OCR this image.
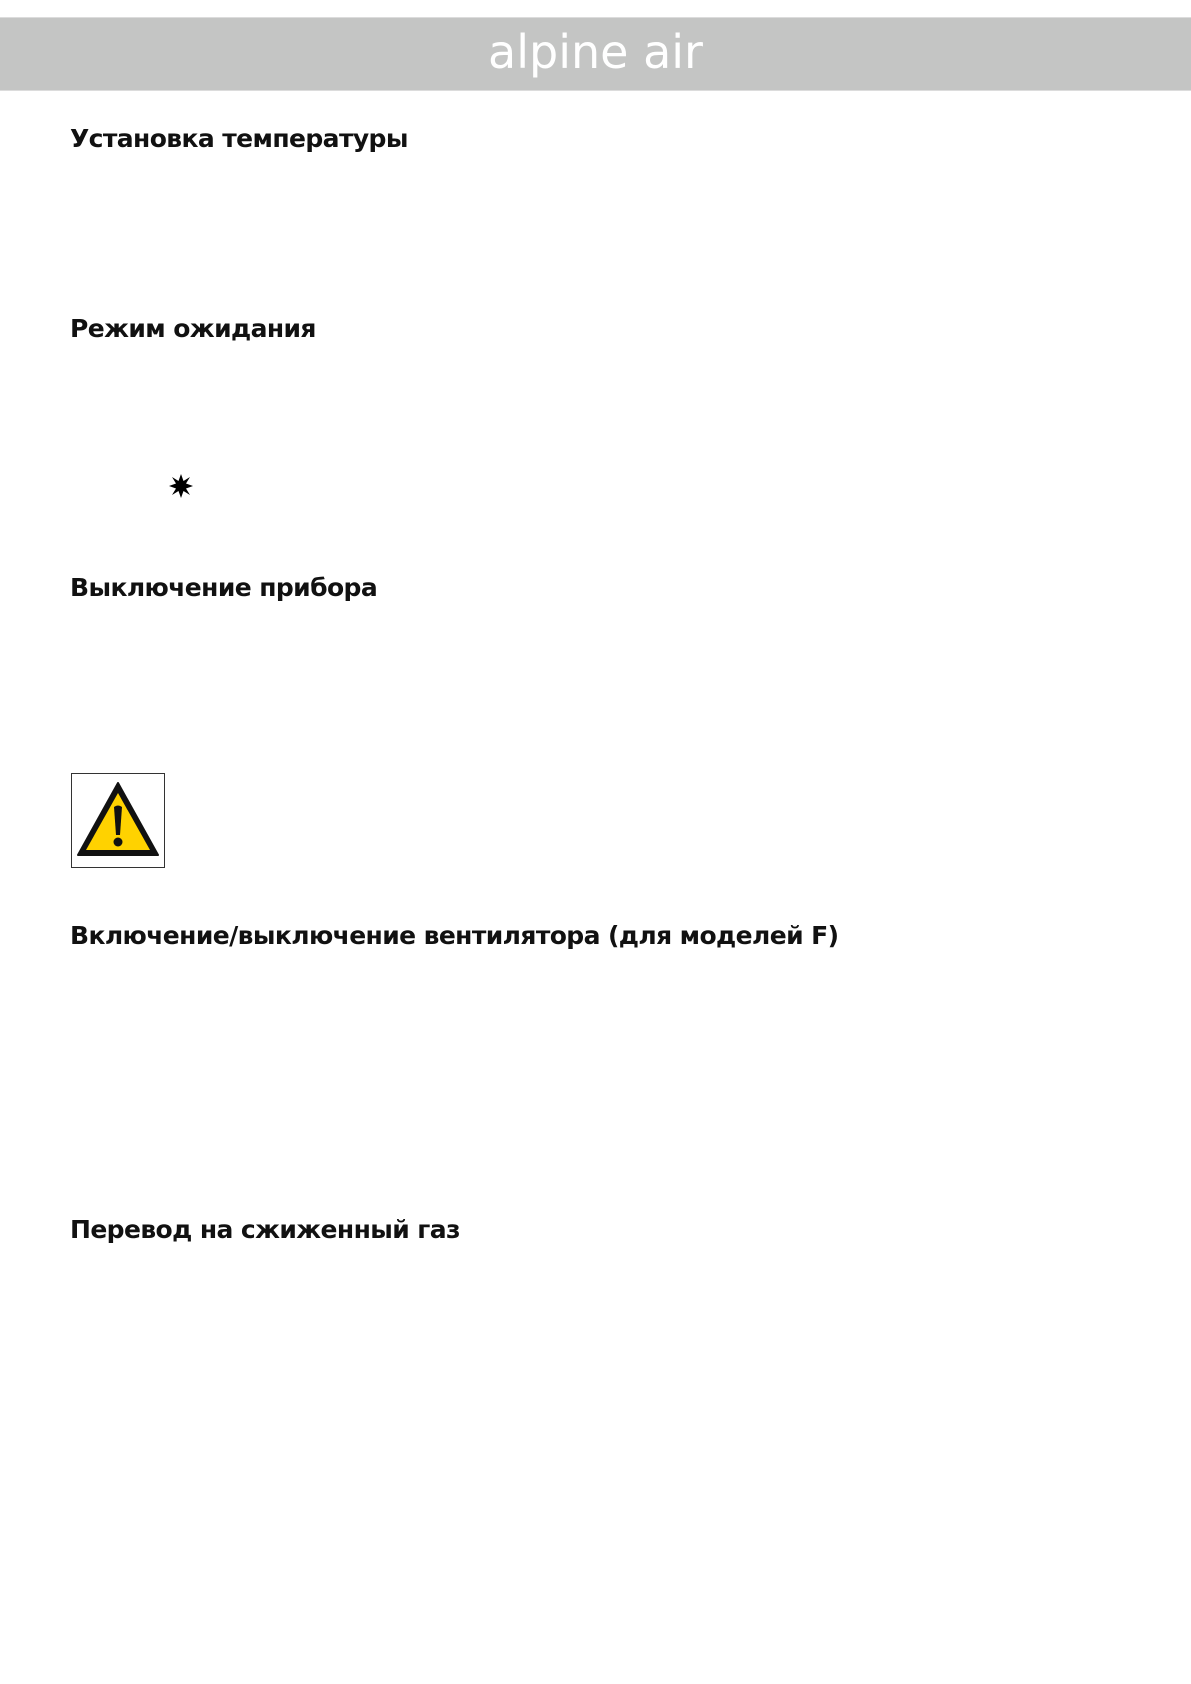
alpine air
Установка температуры
Режим ожидания
Выключение прибора
Включение/выключение вентилятора (для моделей F)
Перевод на сжиженный газ
